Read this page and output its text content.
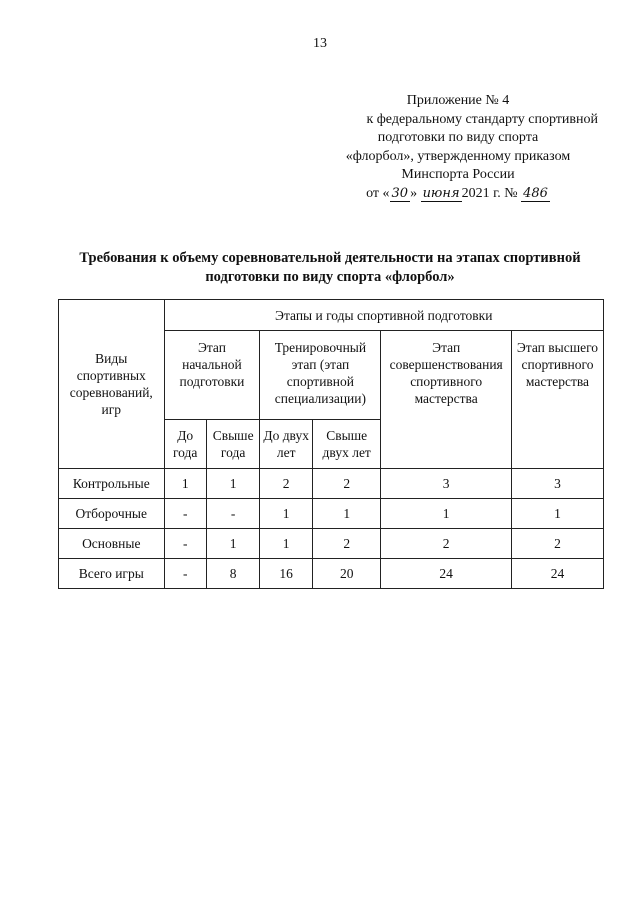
13
Приложение № 4
к федеральному стандарту спортивной
подготовки по виду спорта
«флорбол», утвержденному приказом
Минспорта России
от « 30 » июня 2021 г. № 486
Требования к объему соревновательной деятельности на этапах спортивной подготовки по виду спорта «флорбол»
Виды спортивных соревнований, игр	Этапы и годы спортивной подготовки					
	Этап начальной подготовки		Тренировочный этап (этап спортивной специализации)		Этап совершенствования спортивного мастерства	Этап высшего спортивного мастерства
	До года	Свыше года	До двух лет	Свыше двух лет		
Контрольные	1	1	2	2	3	3
Отборочные	-	-	1	1	1	1
Основные	-	1	1	2	2	2
Всего игры	-	8	16	20	24	24
